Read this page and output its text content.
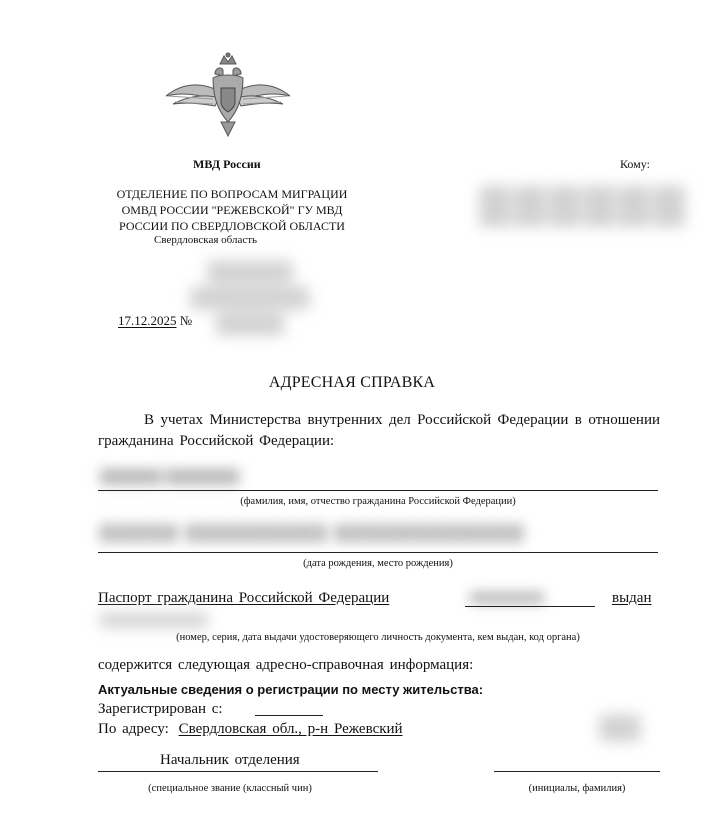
МВД России	Кому:
▇▇▇▇▇▇
ОТДЕЛЕНИЕ ПО ВОПРОСАМ МИГРАЦИИ
ОМВД РОССИИ "РЕЖЕВСКОЙ" ГУ МВД
РОССИИ ПО СВЕРДЛОВСКОЙ ОБЛАСТИ
Свердловская область
▇▇▇▇▇
▇▇▇▇▇▇▇
▇▇▇▇
17.12.2025 №
АДРЕСНАЯ СПРАВКА
В учетах Министерства внутренних дел Российской Федерации в отношении гражданина Российской Федерации:
▇▇▇▇▇ ▇▇▇▇▇▇
(фамилия, имя, отчество гражданина Российской Федерации)
▇▇▇▇▇ ▇▇▇▇▇▇▇▇▇ ▇▇▇▇▇▇▇▇▇▇▇▇
(дата рождения, место рождения)
Паспорт гражданина Российской Федерации	▇▇▇▇▇▇▇▇	выдан
▇▇▇▇▇▇▇▇▇▇
(номер, серия, дата выдачи удостоверяющего личность документа, кем выдан, код органа)
содержится следующая адресно-справочная информация:
Актуальные сведения о регистрации по месту жительства:
Зарегистрирован с:
По адресу: Свердловская обл., р-н Режевский	▇▇
Начальник отделения
(специальное звание (классный чин)	(инициалы, фамилия)
